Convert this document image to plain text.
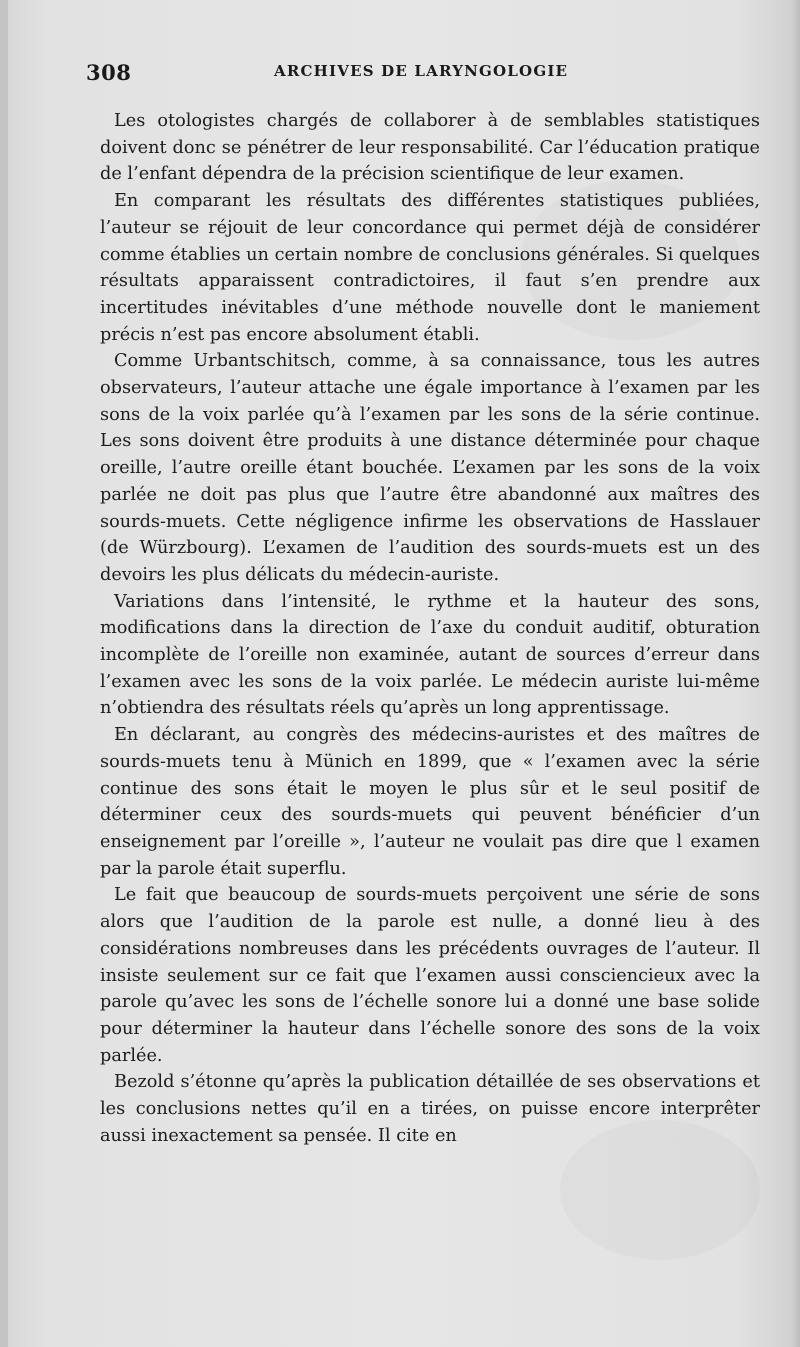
308	ARCHIVES DE LARYNGOLOGIE

Les otologistes chargés de collaborer à de semblables statistiques doivent donc se pénétrer de leur responsabilité. Car l’éducation pratique de l’enfant dépendra de la précision scientifique de leur examen.

En comparant les résultats des différentes statistiques publiées, l’auteur se réjouit de leur concordance qui permet déjà de considérer comme établies un certain nombre de conclusions générales. Si quelques résultats apparaissent contradictoires, il faut s’en prendre aux incertitudes inévitables d’une méthode nouvelle dont le maniement précis n’est pas encore absolument établi.

Comme Urbantschitsch, comme, à sa connaissance, tous les autres observateurs, l’auteur attache une égale importance à l’examen par les sons de la voix parlée qu’à l’examen par les sons de la série continue. Les sons doivent être produits à une distance déterminée pour chaque oreille, l’autre oreille étant bouchée. L’examen par les sons de la voix parlée ne doit pas plus que l’autre être abandonné aux maîtres des sourds-muets. Cette négligence infirme les observations de Hasslauer (de Würzbourg). L’examen de l’audition des sourds-muets est un des devoirs les plus délicats du médecin-auriste.

Variations dans l’intensité, le rythme et la hauteur des sons, modifications dans la direction de l’axe du conduit auditif, obturation incomplète de l’oreille non examinée, autant de sources d’erreur dans l’examen avec les sons de la voix parlée. Le médecin auriste lui-même n’obtiendra des résultats réels qu’après un long apprentissage.

En déclarant, au congrès des médecins-auristes et des maîtres de sourds-muets tenu à Münich en 1899, que « l’examen avec la série continue des sons était le moyen le plus sûr et le seul positif de déterminer ceux des sourds-muets qui peuvent bénéficier d’un enseignement par l’oreille », l’auteur ne voulait pas dire que l examen par la parole était superflu.

Le fait que beaucoup de sourds-muets perçoivent une série de sons alors que l’audition de la parole est nulle, a donné lieu à des considérations nombreuses dans les précédents ouvrages de l’auteur. Il insiste seulement sur ce fait que l’examen aussi consciencieux avec la parole qu’avec les sons de l’échelle sonore lui a donné une base solide pour déterminer la hauteur dans l’échelle sonore des sons de la voix parlée.

Bezold s’étonne qu’après la publication détaillée de ses observations et les conclusions nettes qu’il en a tirées, on puisse encore interprêter aussi inexactement sa pensée. Il cite en
